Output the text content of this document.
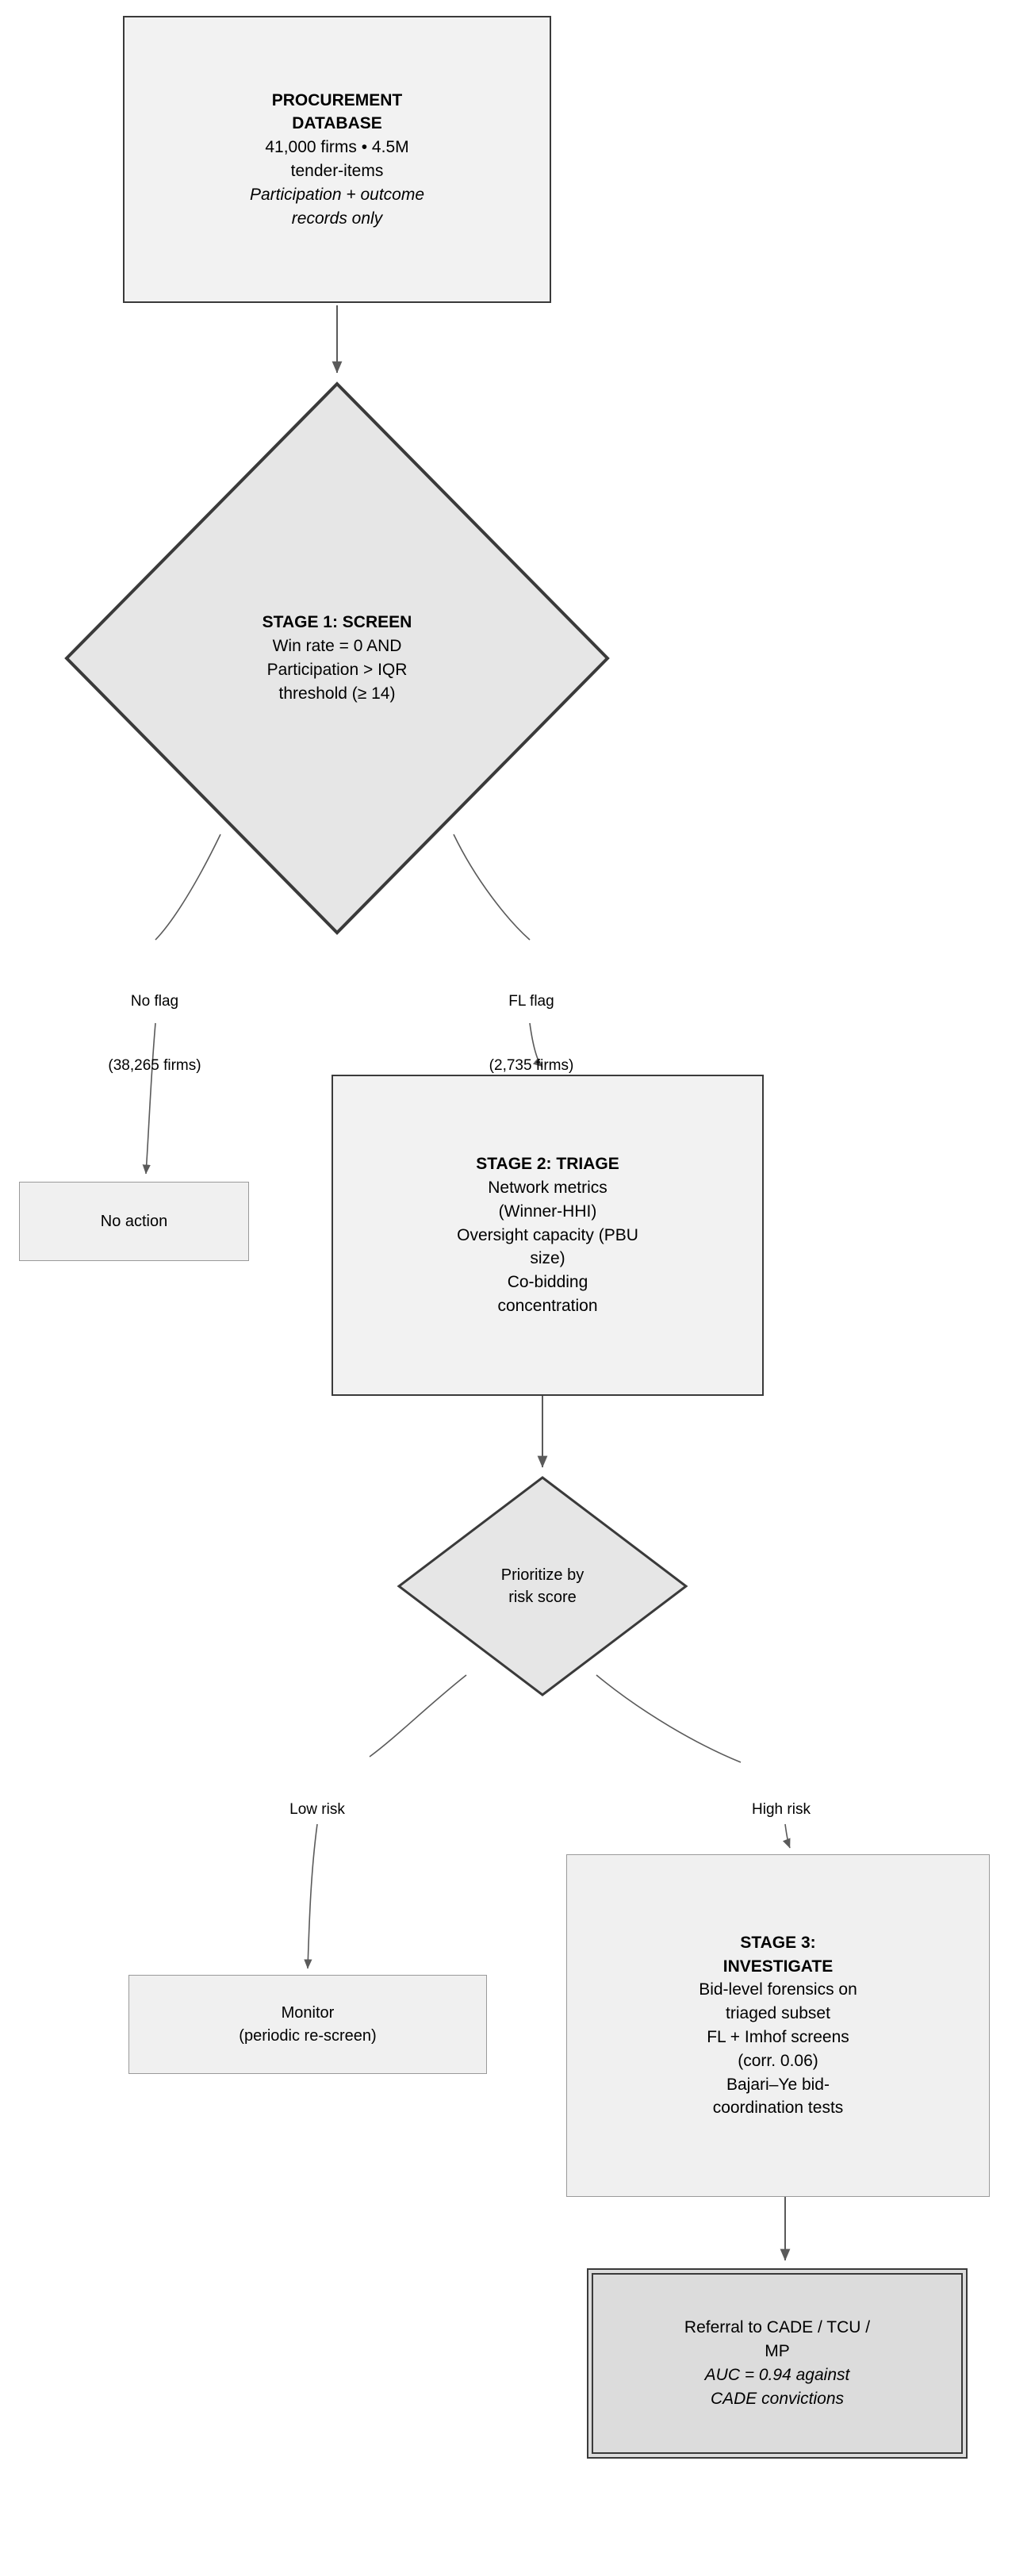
PROCUREMENT
DATABASE
41,000 firms • 4.5M
tender-items
Participation + outcome
records only
STAGE 1: SCREEN
Win rate = 0 AND
Participation > IQR
threshold (≥ 14)

No flag

(38,265 firms)

FL flag

(2,735 firms)

No action
STAGE 2: TRIAGE
Network metrics
(Winner-HHI)
Oversight capacity (PBU
size)
Co-bidding
concentration
Prioritize by
risk score

Low risk

	High risk

Monitor
(periodic re-screen)
STAGE 3:
INVESTIGATE
Bid-level forensics on
triaged subset
FL + Imhof screens
(corr. 0.06)
Bajari–Ye bid-
coordination tests
Referral to CADE / TCU /
MP
AUC = 0.94 against
CADE convictions
